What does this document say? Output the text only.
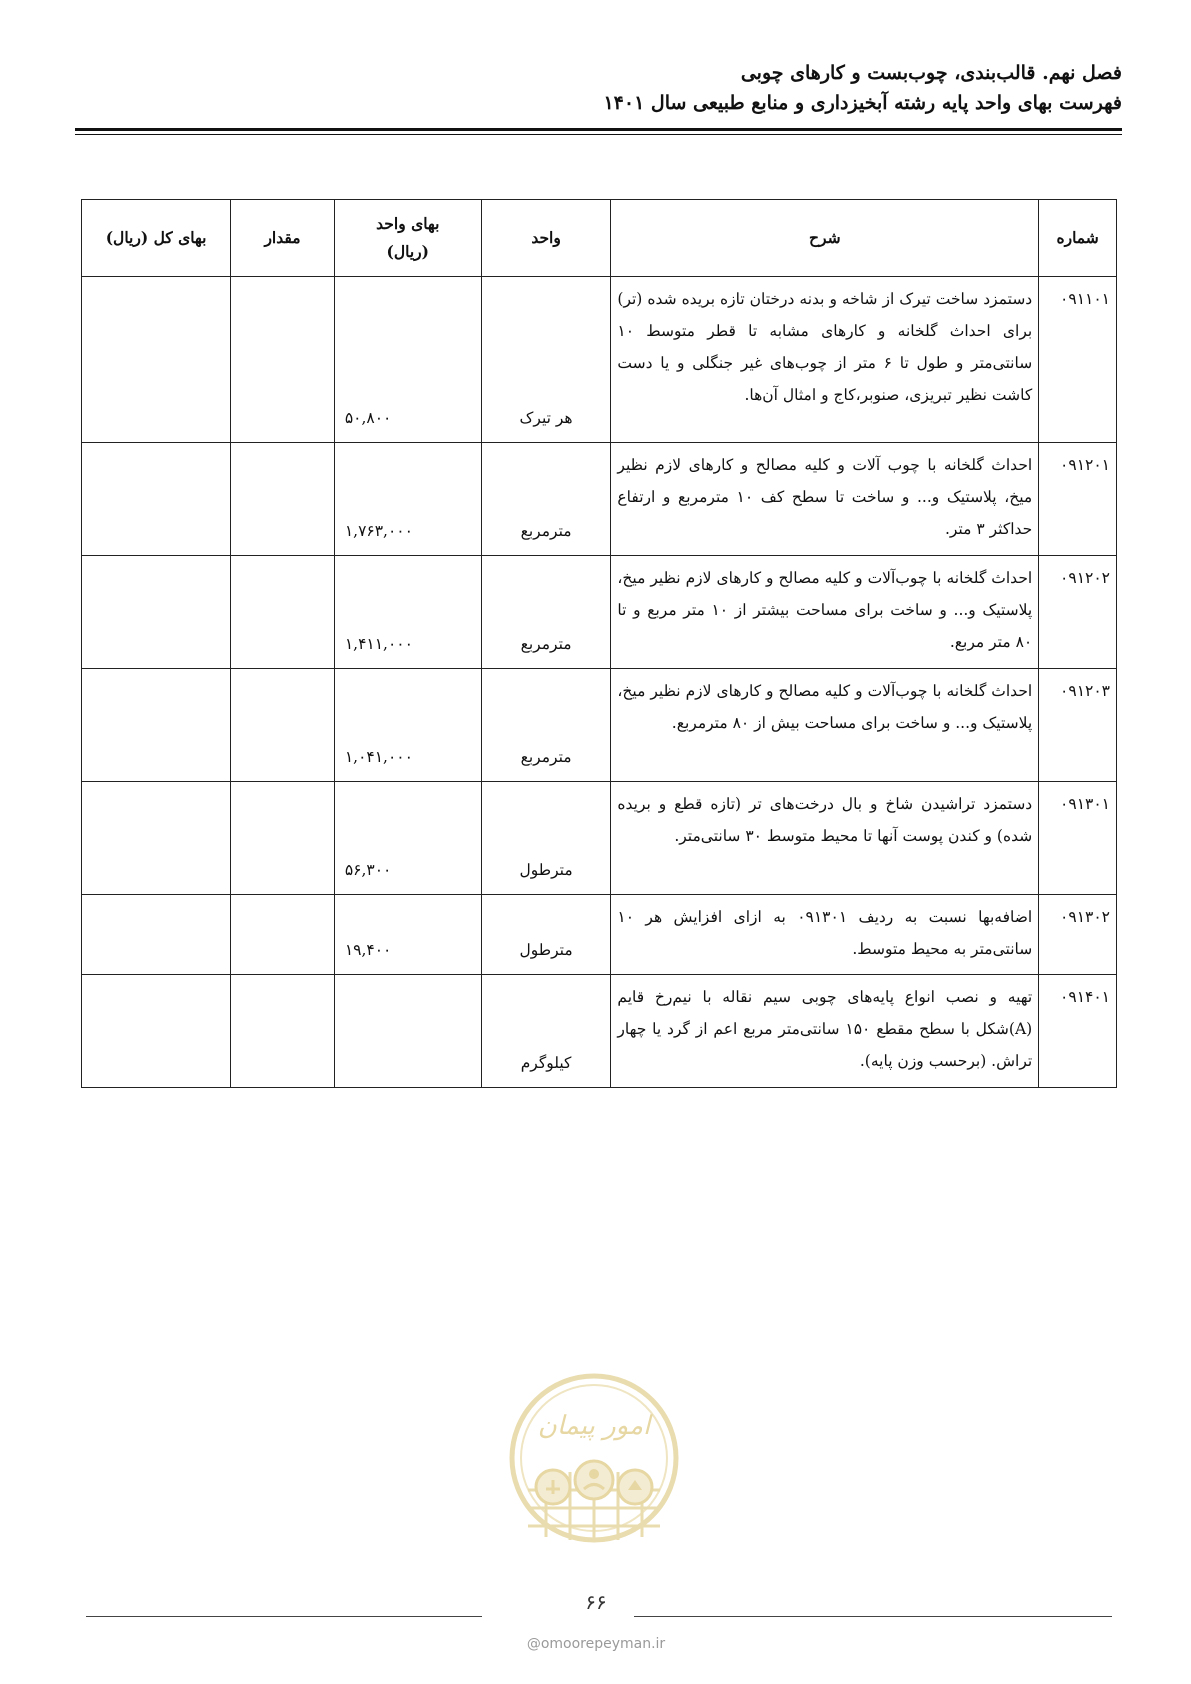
فصل نهم. قالب‌بندی، چوب‌بست و کارهای چوبی
فهرست بهای واحد پایه رشته آبخیزداری و منابع طبیعی سال ۱۴۰۱
شماره	شرح	واحد	بهای واحد (ریال)	مقدار	بهای کل (ریال)
۰۹۱۱۰۱	دستمزد ساخت تیرک از شاخه و بدنه درختان تازه بریده شده (تر) برای احداث گلخانه و کارهای مشابه تا قطر متوسط ۱۰ سانتی‌متر و طول تا ۶ متر از چوب‌های غیر جنگلی و یا دست کاشت نظیر تبریزی، صنوبر،کاج و امثال آن‌ها.	هر تیرک	۵۰,۸۰۰		
۰۹۱۲۰۱	احداث گلخانه با چوب آلات و کلیه مصالح و کارهای لازم نظیر میخ، پلاستیک و... و ساخت تا سطح کف ۱۰ مترمربع و ارتفاع حداکثر ۳ متر.	مترمربع	۱,۷۶۳,۰۰۰		
۰۹۱۲۰۲	احداث گلخانه با چوب‌آلات و کلیه مصالح و کارهای لازم نظیر میخ، پلاستیک و... و ساخت برای مساحت بیشتر از ۱۰ متر مربع و تا ۸۰ متر مربع.	مترمربع	۱,۴۱۱,۰۰۰		
۰۹۱۲۰۳	احداث گلخانه با چوب‌آلات و کلیه مصالح و کارهای لازم نظیر میخ، پلاستیک و... و ساخت برای مساحت بیش از ۸۰ مترمربع.	مترمربع	۱,۰۴۱,۰۰۰		
۰۹۱۳۰۱	دستمزد تراشیدن شاخ و بال درخت‌های تر (تازه قطع و بریده شده) و کندن پوست آنها تا محیط متوسط ۳۰ سانتی‌متر.	مترطول	۵۶,۳۰۰		
۰۹۱۳۰۲	اضافه‌بها نسبت به ردیف ۰۹۱۳۰۱ به ازای افزایش هر ۱۰ سانتی‌متر به محیط متوسط.	مترطول	۱۹,۴۰۰		
۰۹۱۴۰۱	تهیه و نصب انواع پایه‌های چوبی سیم نقاله با نیم‌رخ قایم (A)شکل با سطح مقطع ۱۵۰ سانتی‌متر مربع اعم از گرد یا چهار تراش. (برحسب وزن پایه).	کیلوگرم			
امور پیمان
۶۶
@omoorepeyman.ir
